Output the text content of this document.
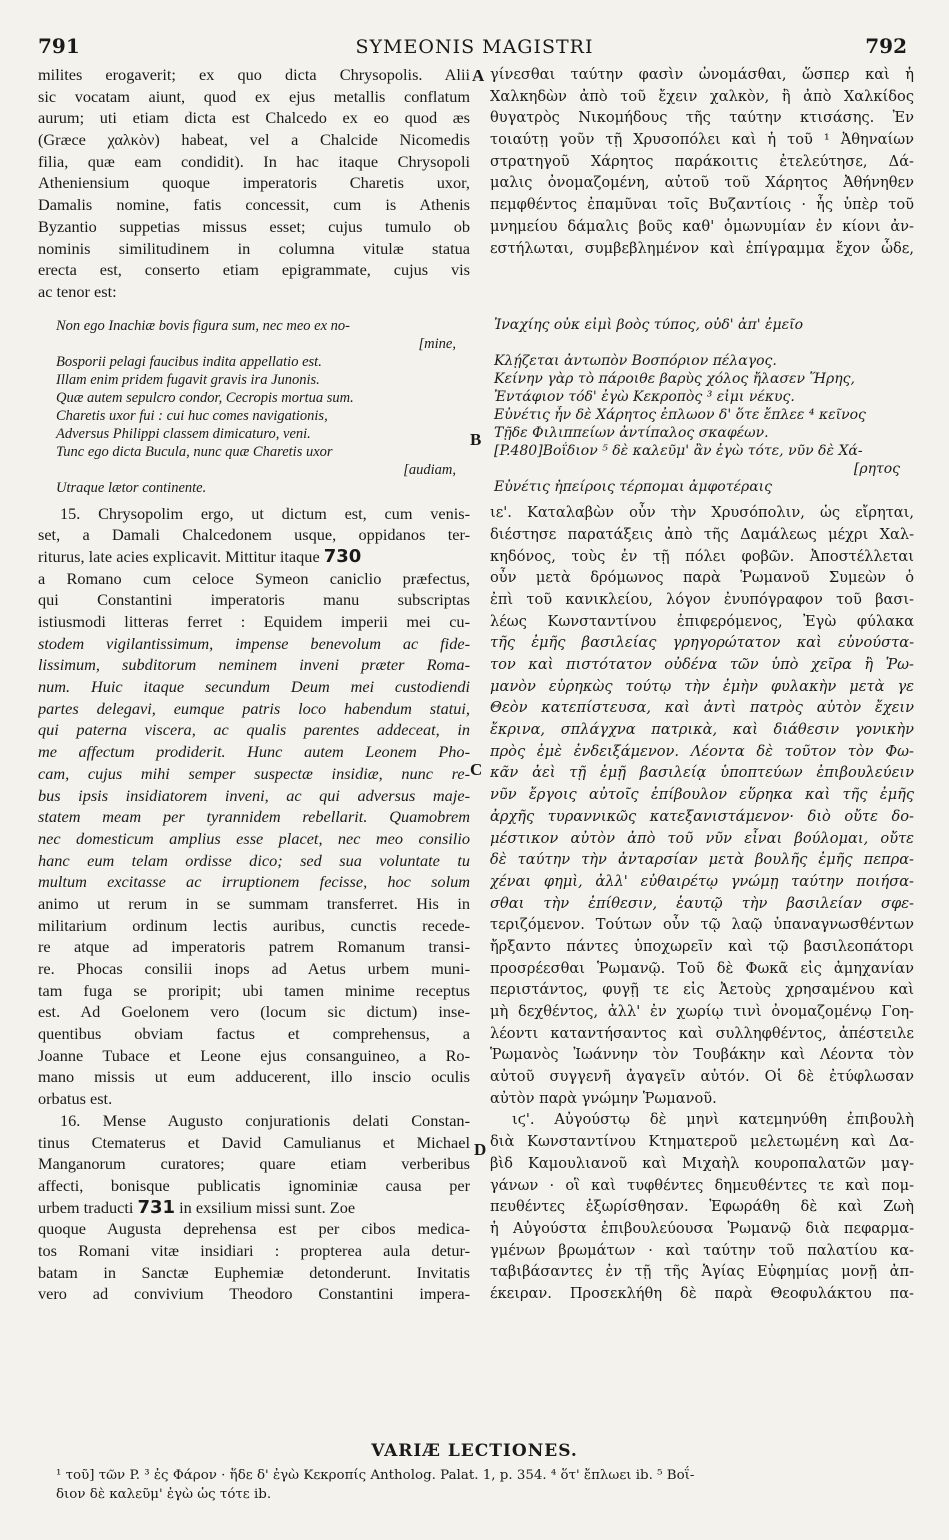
791	SYMEONIS MAGISTRI	792
milites erogaverit; ex quo dicta Chrysopolis. Alii
sic vocatam aiunt, quod ex ejus metallis conflatum
aurum; uti etiam dicta est Chalcedo ex eo quod æs
(Græce χαλκὸν) habeat, vel a Chalcide Nicomedis
filia, quæ eam condidit). In hac itaque Chrysopoli
Atheniensium quoque imperatoris Charetis uxor,
Damalis nomine, fatis concessit, cum is Athenis
Byzantio suppetias missus esset; cujus tumulo ob
nominis similitudinem in columna vitulæ statua
erecta est, conserto etiam epigrammate, cujus vis
ac tenor est:
Non ego Inachiæ bovis figura sum, nec meo ex no-
[mine,
Bosporii pelagi faucibus indita appellatio est.
Illam enim pridem fugavit gravis ira Junonis.
Quæ autem sepulcro condor, Cecropis mortua sum.
Charetis uxor fui : cui huc comes navigationis,
Adversus Philippi classem dimicaturo, veni.
Tunc ego dicta Bucula, nunc quæ Charetis uxor
[audiam,
Utraque lætor continente.
15. Chrysopolim ergo, ut dictum est, cum venis-
set, a Damali Chalcedonem usque, oppidanos ter-
riturus, late acies explicavit. Mittitur itaque 730
a Romano cum celoce Symeon caniclio præfectus,
qui Constantini imperatoris manu subscriptas
istiusmodi litteras ferret : Equidem imperii mei cu-
stodem vigilantissimum, impense benevolum ac fide-
lissimum, subditorum neminem inveni præter Roma-
num. Huic itaque secundum Deum mei custodiendi
partes delegavi, eumque patris loco habendum statui,
qui paterna viscera, ac qualis parentes addeceat, in
me affectum prodiderit. Hunc autem Leonem Pho-
cam, cujus mihi semper suspectæ insidiæ, nunc re-
bus ipsis insidiatorem inveni, ac qui adversus maje-
statem meam per tyrannidem rebellarit. Quamobrem
nec domesticum amplius esse placet, nec meo consilio
hanc eum telam ordisse dico; sed sua voluntate tu
multum excitasse ac irruptionem fecisse, hoc solum
animo ut rerum in se summam transferret. His in
militarium ordinum lectis auribus, cunctis recede-
re atque ad imperatoris patrem Romanum transi-
re. Phocas consilii inops ad Aetus urbem muni-
tam fuga se proripit; ubi tamen minime receptus
est. Ad Goelonem vero (locum sic dictum) inse-
quentibus obviam factus et comprehensus, a
Joanne Tubace et Leone ejus consanguineo, a Ro-
mano missis ut eum adducerent, illo inscio oculis
orbatus est.
16. Mense Augusto conjurationis delati Constan-
tinus Ctematerus et David Camulianus et Michael
Manganorum curatores; quare etiam verberibus
affecti, bonisque publicatis ignominiæ causa per
urbem traducti 731 in exsilium missi sunt. Zoe
quoque Augusta deprehensa est per cibos medica-
tos Romani vitæ insidiari : propterea aula detur-
batam in Sanctæ Euphemiæ detonderunt. Invitatis
vero ad convivium Theodoro Constantini impera-
A
B
C
D
γίνεσθαι ταύτην φασὶν ὠνομάσθαι, ὥσπερ καὶ ἡ
Χαλκηδὼν ἀπὸ τοῦ ἔχειν χαλκὸν, ἢ ἀπὸ Χαλκίδος
θυγατρὸς Νικομήδους τῆς ταύτην κτισάσης. Ἐν
τοιαύτῃ γοῦν τῇ Χρυσοπόλει καὶ ἡ τοῦ ¹ Ἀθηναίων
στρατηγοῦ Χάρητος παράκοιτις ἐτελεύτησε, Δά-
μαλις ὀνομαζομένη, αὐτοῦ τοῦ Χάρητος Ἀθήνηθεν
πεμφθέντος ἐπαμῦναι τοῖς Βυζαντίοις · ἧς ὑπὲρ τοῦ
μνημείου δάμαλις βοῦς καθ' ὁμωνυμίαν ἐν κίονι ἀν-
εστήλωται, συμβεβλημένον καὶ ἐπίγραμμα ἔχον ὧδε,
Ἰναχίης οὐκ εἰμὶ βοὸς τύπος, οὐδ' ἀπ' ἐμεῖο
Κλῄζεται ἀντωπὸν Βοσπόριον πέλαγος.
Κείνην γὰρ τὸ πάροιθε βαρὺς χόλος ἤλασεν Ἥρης,
Ἐντάφιον τόδ' ἐγὼ Κεκροπὸς ³ εἰμι νέκυς.
Εὐνέτις ἦν δὲ Χάρητος ἐπλωον δ' ὅτε ἔπλεε ⁴ κεῖνος
Τῇδε Φιλιππείων ἀντίπαλος σκαφέων.
[P.480]Βοΐδιον ⁵ δὲ καλεῦμ' ἂν ἐγὼ τότε, νῦν δὲ Χά-
[ρητος
Εὐνέτις ἠπείροις τέρπομαι ἀμφοτέραις
ιε'. Καταλαβὼν οὖν τὴν Χρυσόπολιν, ὡς εἴρηται,
διέστησε παρατάξεις ἀπὸ τῆς Δαμάλεως μέχρι Χαλ-
κηδόνος, τοὺς ἐν τῇ πόλει φοβῶν. Ἀποστέλλεται
οὖν μετὰ δρόμωνος παρὰ Ῥωμανοῦ Συμεὼν ὁ
ἐπὶ τοῦ κανικλείου, λόγον ἐνυπόγραφον τοῦ βασι-
λέως Κωνσταντίνου ἐπιφερόμενος, Ἐγὼ φύλακα
τῆς ἐμῆς βασιλείας γρηγορώτατον καὶ εὐνούστα-
τον καὶ πιστότατον οὐδένα τῶν ὑπὸ χεῖρα ἢ Ῥω-
μανὸν εὑρηκὼς τούτῳ τὴν ἐμὴν φυλακὴν μετὰ γε
Θεὸν κατεπίστευσα, καὶ ἀντὶ πατρὸς αὐτὸν ἔχειν
ἔκρινα, σπλάγχνα πατρικὰ, καὶ διάθεσιν γονικὴν
πρὸς ἐμὲ ἐνδειξάμενον. Λέοντα δὲ τοῦτον τὸν Φω-
κᾶν ἀεὶ τῇ ἐμῇ βασιλείᾳ ὑποπτεύων ἐπιβουλεύειν
νῦν ἔργοις αὐτοῖς ἐπίβουλον εὕρηκα καὶ τῆς ἐμῆς
ἀρχῆς τυραννικῶς κατεξανιστάμενον· διὸ οὔτε δο-
μέστικον αὐτὸν ἀπὸ τοῦ νῦν εἶναι βούλομαι, οὔτε
δὲ ταύτην τὴν ἀνταρσίαν μετὰ βουλῆς ἐμῆς πεπρα-
χέναι φημὶ, ἀλλ' εὐθαιρέτῳ γνώμῃ ταύτην ποιήσα-
σθαι τὴν ἐπίθεσιν, ἑαυτῷ τὴν βασιλείαν σφε-
τεριζόμενον. Τούτων οὖν τῷ λαῷ ὑπαναγνωσθέντων
ἤρξαντο πάντες ὑποχωρεῖν καὶ τῷ βασιλεοπάτορι
προσρέεσθαι Ῥωμανῷ. Τοῦ δὲ Φωκᾶ εἰς ἀμηχανίαν
περιστάντος, φυγῇ τε εἰς Ἀετοὺς χρησαμένου καὶ
μὴ δεχθέντος, ἀλλ' ἐν χωρίῳ τινὶ ὀνομαζομένῳ Γοη-
λέοντι καταντήσαντος καὶ συλληφθέντος, ἀπέστειλε
Ῥωμανὸς Ἰωάννην τὸν Τουβάκην καὶ Λέοντα τὸν
αὐτοῦ συγγενῆ ἀγαγεῖν αὐτόν. Οἱ δὲ ἐτύφλωσαν
αὐτὸν παρὰ γνώμην Ῥωμανοῦ.
ιϛ'. Αὐγούστῳ δὲ μηνὶ κατεμηνύθη ἐπιβουλὴ
διὰ Κωνσταντίνου Κτηματεροῦ μελετωμένη καὶ Δα-
βὶδ Καμουλιανοῦ καὶ Μιχαὴλ κουροπαλατῶν μαγ-
γάνων · οἳ καὶ τυφθέντες δημευθέντες τε καὶ πομ-
πευθέντες ἐξωρίσθησαν. Ἐφωράθη δὲ καὶ Ζωὴ
ἡ Αὐγούστα ἐπιβουλεύουσα Ῥωμανῷ διὰ πεφαρμα-
γμένων βρωμάτων · καὶ ταύτην τοῦ παλατίου κα-
ταβιβάσαντες ἐν τῇ τῆς Ἁγίας Εὐφημίας μονῇ ἀπ-
έκειραν. Προσεκλήθη δὲ παρὰ Θεοφυλάκτου πα-
VARIÆ LECTIONES.
¹ τοῦ] τῶν P. ³ ἐς Φάρον · ἥδε δ' ἐγὼ Κεκροπίς Antholog. Palat. 1, p. 354. ⁴ ὅτ' ἔπλωει ib. ⁵ Βοΐ-
διον δὲ καλεῦμ' ἐγὼ ὡς τότε ib.
